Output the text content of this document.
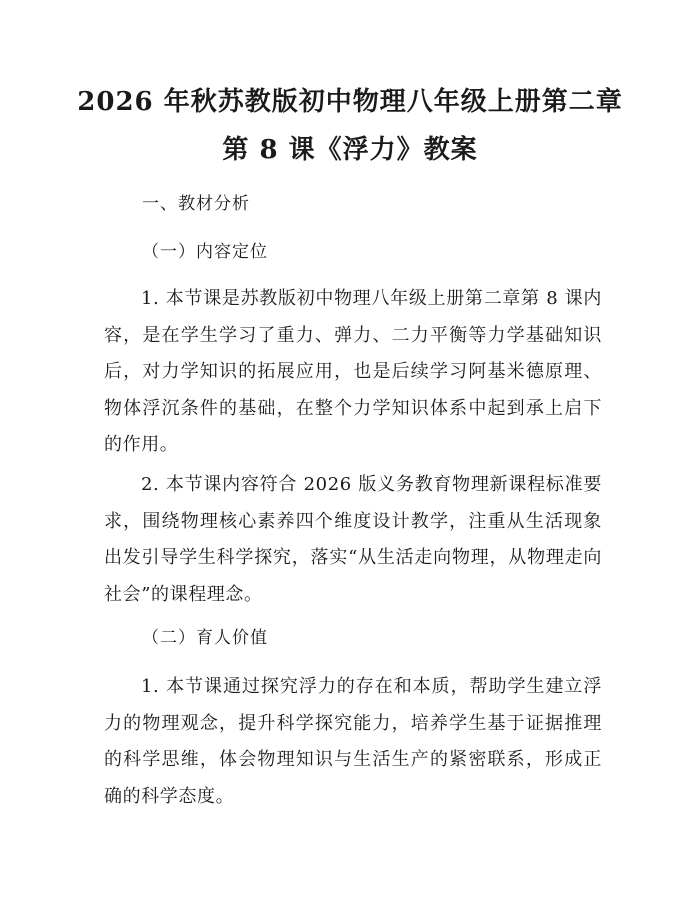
2026 年秋苏教版初中物理八年级上册第二章
第 8 课《浮力》教案
一、教材分析
（一）内容定位
1. 本节课是苏教版初中物理八年级上册第二章第 8 课内容，是在学生学习了重力、弹力、二力平衡等力学基础知识后，对力学知识的拓展应用，也是后续学习阿基米德原理、物体浮沉条件的基础，在整个力学知识体系中起到承上启下的作用。
2. 本节课内容符合 2026 版义务教育物理新课程标准要求，围绕物理核心素养四个维度设计教学，注重从生活现象出发引导学生科学探究，落实“从生活走向物理，从物理走向社会”的课程理念。
（二）育人价值
1. 本节课通过探究浮力的存在和本质，帮助学生建立浮力的物理观念，提升科学探究能力，培养学生基于证据推理的科学思维，体会物理知识与生活生产的紧密联系，形成正确的科学态度。
